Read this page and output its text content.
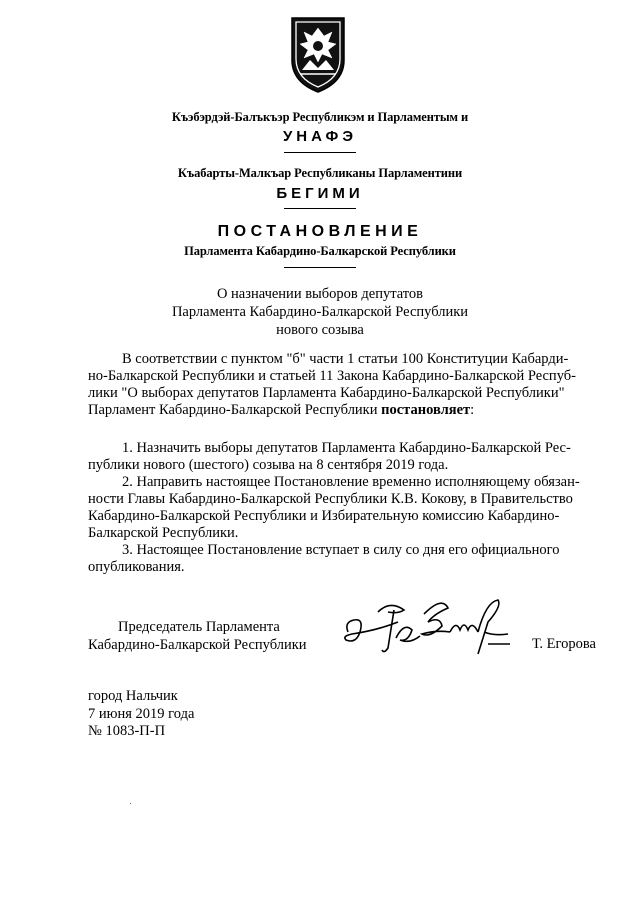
Къэбэрдэй-Балъкъэр Республикэм и Парламентым и
УНАФЭ
Къабарты-Малкъар Республиканы Парламентини
БЕГИМИ
ПОСТАНОВЛЕНИЕ
Парламента Кабардино-Балкарской Республики
О назначении выборов депутатов
Парламента Кабардино-Балкарской Республики
нового созыва

В соответствии с пунктом "б" части 1 статьи 100 Конституции Кабарди-

но-Балкарской Республики и статьей 11 Закона Кабардино-Балкарской Респуб-

лики "О выборах депутатов Парламента Кабардино-Балкарской Республики"

Парламент Кабардино-Балкарской Республики постановляет:

1. Назначить выборы депутатов Парламента Кабардино-Балкарской Рес-

публики нового (шестого) созыва на 8 сентября 2019 года.

2. Направить настоящее Постановление временно исполняющему обязан-

ности Главы Кабардино-Балкарской Республики К.В. Кокову, в Правительство

Кабардино-Балкарской Республики и Избирательную комиссию Кабардино-

Балкарской Республики.

3. Настоящее Постановление вступает в силу со дня его официального

опубликования.

Председатель Парламента
Кабардино-Балкарской Республики	Т. Егорова
город Нальчик
7 июня 2019 года
№ 1083-П-П
